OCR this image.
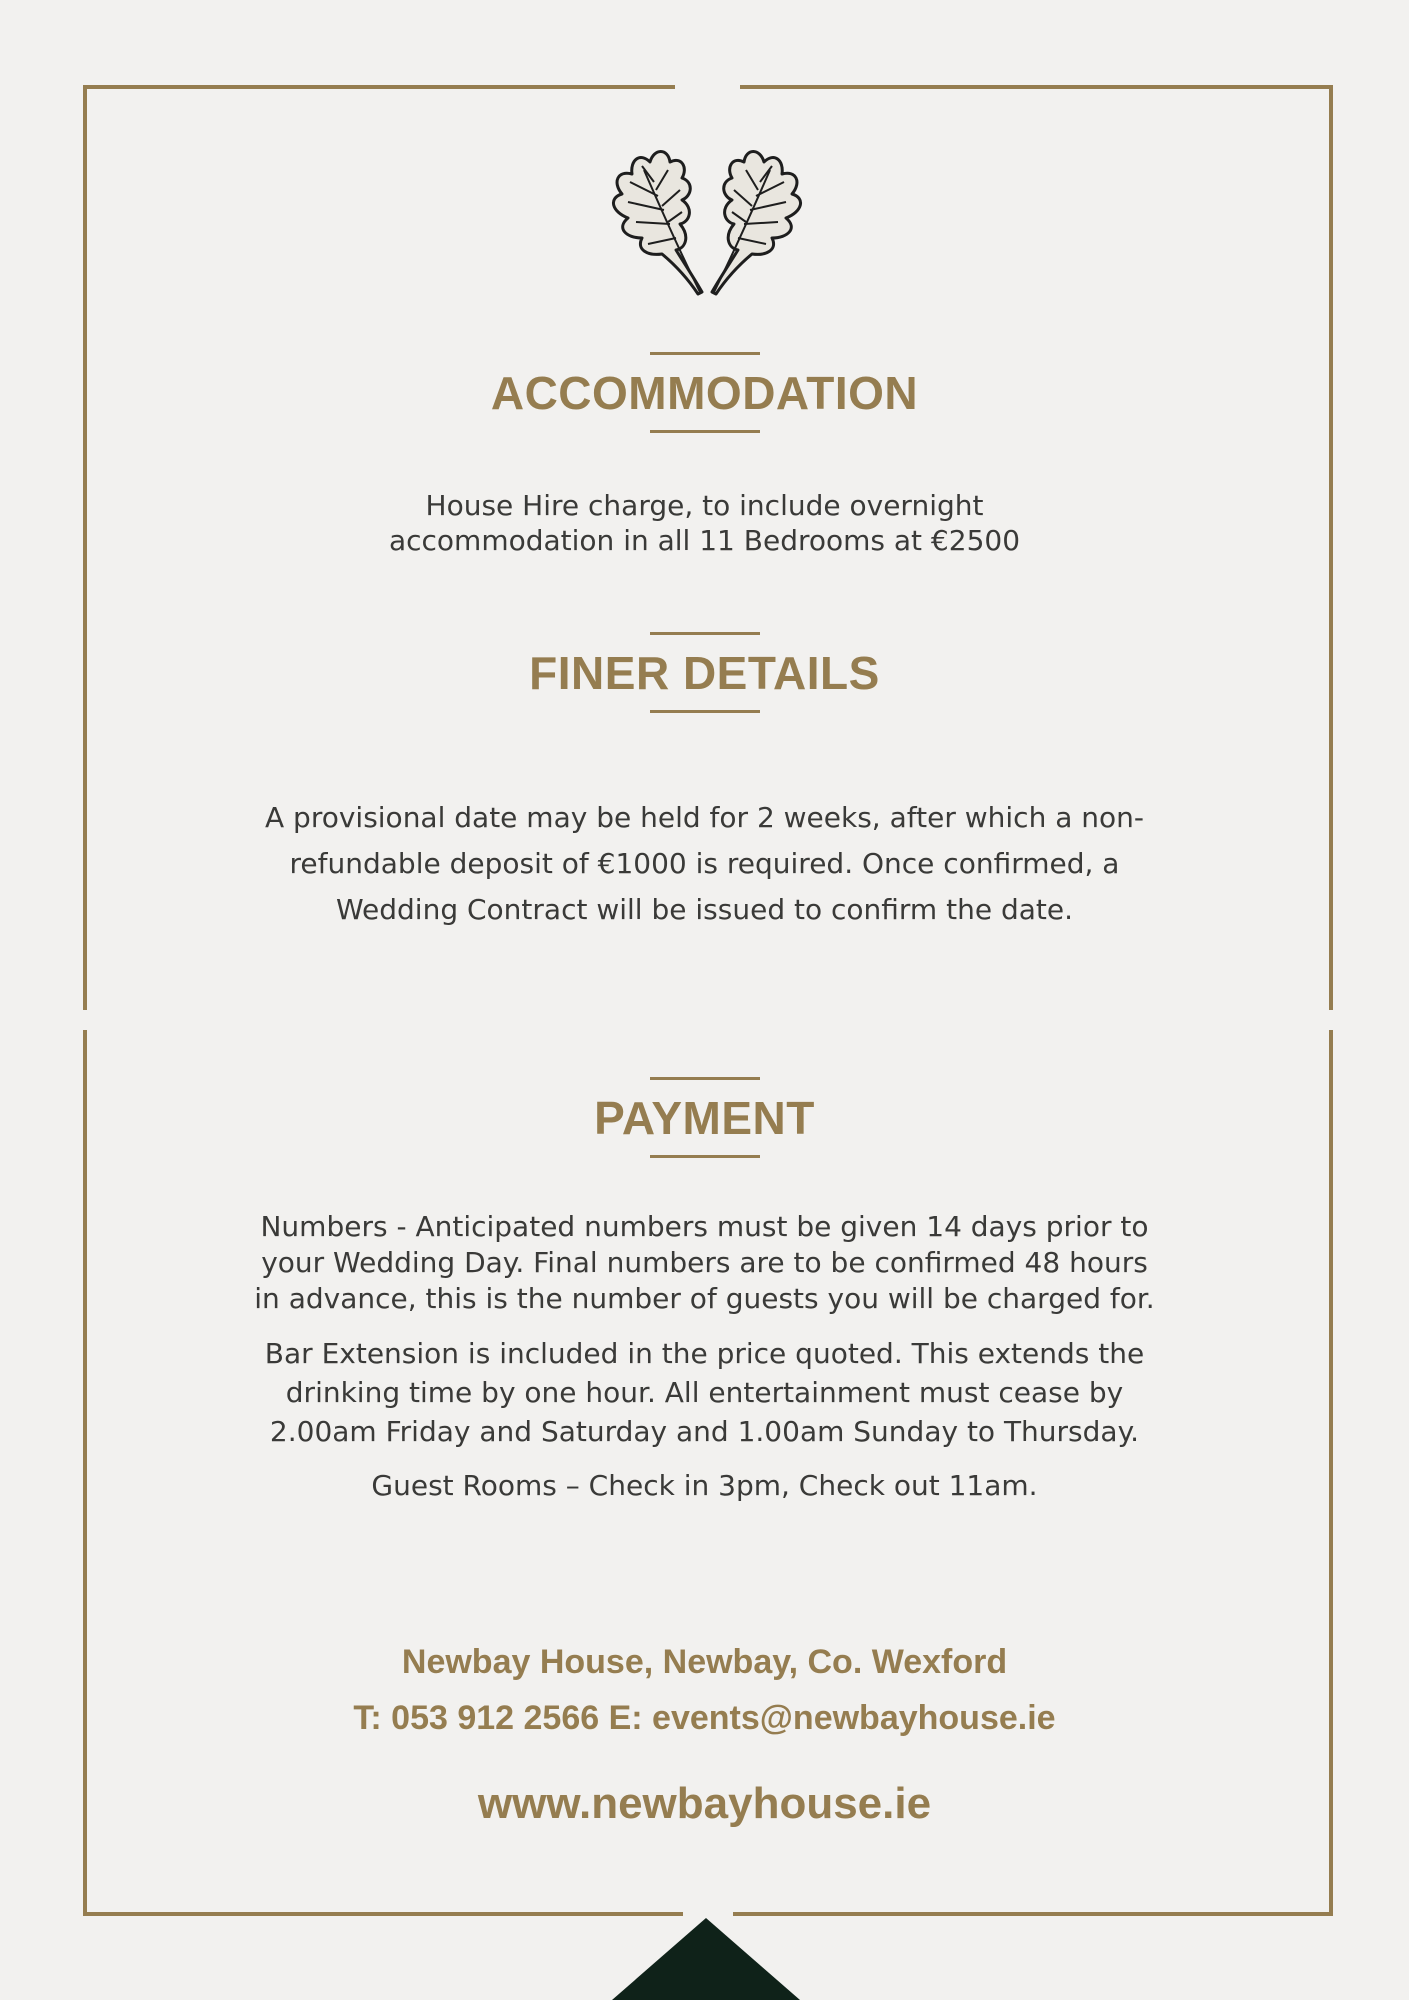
ACCOMMODATION
House Hire charge, to include overnight
accommodation in all 11 Bedrooms at €2500
FINER DETAILS
A provisional date may be held for 2 weeks, after which a non-
refundable deposit of €1000 is required. Once confirmed, a
Wedding Contract will be issued to confirm the date.
PAYMENT
Numbers - Anticipated numbers must be given 14 days prior to
your Wedding Day. Final numbers are to be confirmed 48 hours
in advance, this is the number of guests you will be charged for.
Bar Extension is included in the price quoted. This extends the
drinking time by one hour. All entertainment must cease by
2.00am Friday and Saturday and 1.00am Sunday to Thursday.
Guest Rooms – Check in 3pm, Check out 11am.
Newbay House, Newbay, Co. Wexford
T: 053 912 2566 E: events@newbayhouse.ie
www.newbayhouse.ie
